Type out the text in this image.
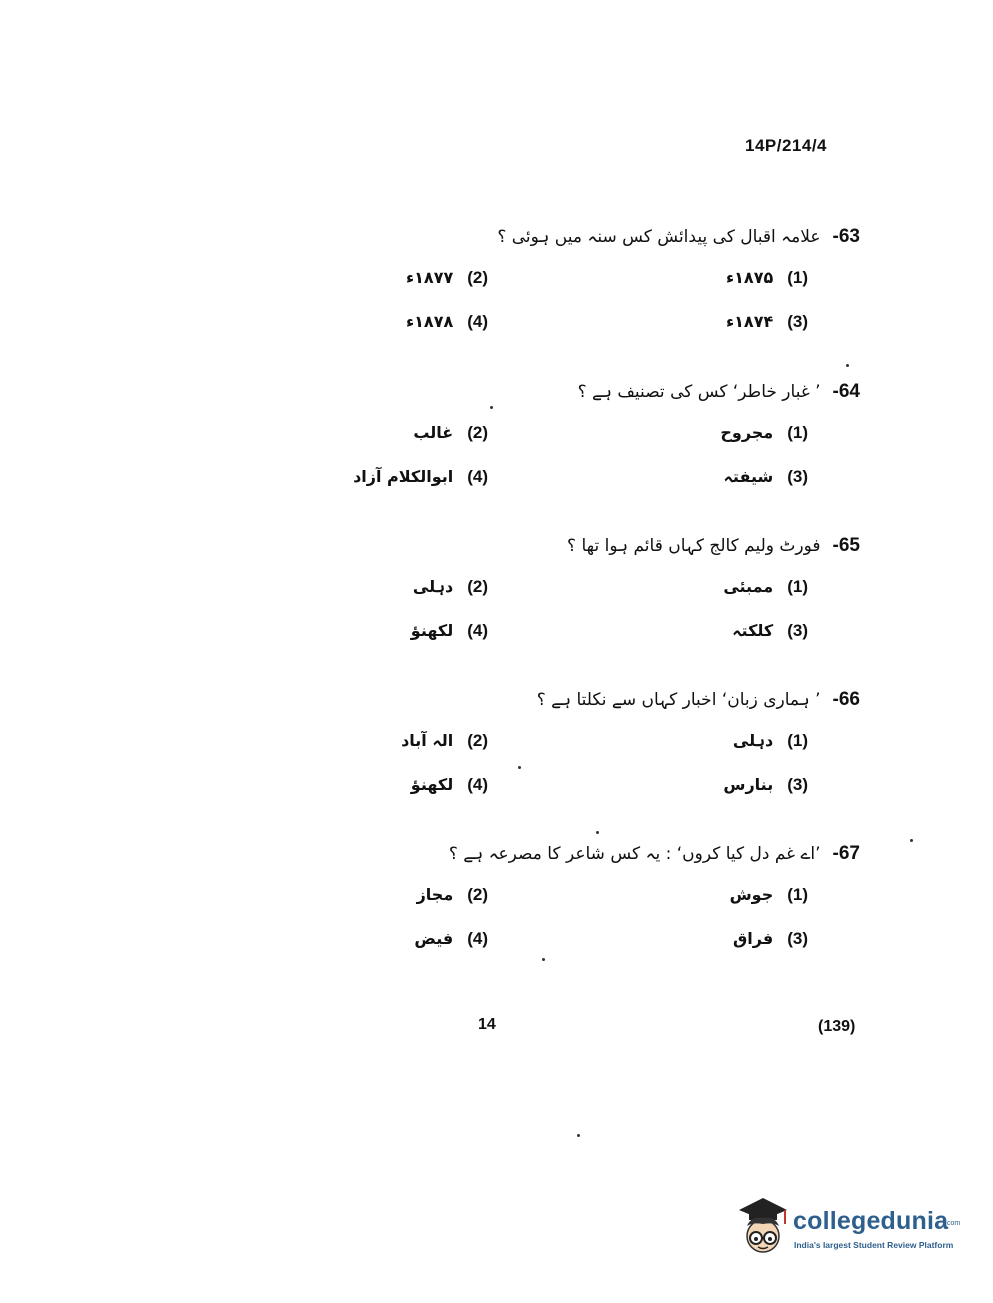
14P/214/4
-63
علامہ اقبال کی پیدائش کس سنہ میں ہوئی ؟
(1)
۱۸۷۵ء
(2)
۱۸۷۷ء
(3)
۱۸۷۴ء
(4)
۱۸۷۸ء
-64
’ غبار خاطر‘ کس کی تصنیف ہے ؟
(1)
مجروح
(2)
غالب
(3)
شیفتہ
(4)
ابوالکلام آزاد
-65
فورٹ ولیم کالج کہاں قائم ہوا تھا ؟
(1)
ممبئی
(2)
دہلی
(3)
کلکتہ
(4)
لکھنؤ
-66
’ ہماری زبان‘ اخبار کہاں سے نکلتا ہے ؟
(1)
دہلی
(2)
الہ آباد
(3)
بنارس
(4)
لکھنؤ
-67
’اے غم دل کیا کروں‘ : یہ کس شاعر کا مصرعہ ہے ؟
(1)
جوش
(2)
مجاز
(3)
فراق
(4)
فیض
14	(139)
collegedunia
.com
India's largest Student Review Platform
